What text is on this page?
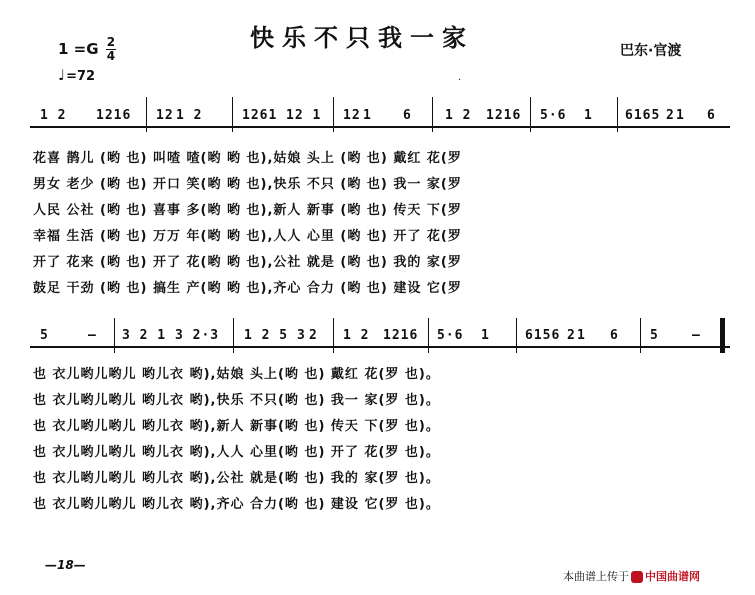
快乐不只我一家
$1 =G \frac{2}{4}$
♩=72
巴东·官渡
·
1 2 1216 12 1 2	1261 12 1 12 1 6	1 2 1216 5·6 1 6165 2 1 6
花喜 鹊儿 (哟 也) 叫喳 喳(哟 哟 也),姑娘 头上 (哟 也) 戴红 花(罗
男女 老少 (哟 也) 开口 笑(哟 哟 也),快乐 不只 (哟 也) 我一 家(罗
人民 公社 (哟 也) 喜事 多(哟 哟 也),新人 新事 (哟 也) 传天 下(罗
幸福 生活 (哟 也) 万万 年(哟 哟 也),人人 心里 (哟 也) 开了 花(罗
开了 花来 (哟 也) 开了 花(哟 哟 也),公社 就是 (哟 也) 我的 家(罗
鼓足 干劲 (哟 也) 搞生 产(哟 哟 也),齐心 合力 (哟 也) 建设 它(罗
5	— 3 2 1 3 2·3 1 2 5 3 2 1 2 1216 5·6 1	6156 2 1 6 5	—
也 衣儿哟儿哟儿 哟儿衣 哟),姑娘 头上(哟 也) 戴红 花(罗 也)。
也 衣儿哟儿哟儿 哟儿衣 哟),快乐 不只(哟 也) 我一 家(罗 也)。
也 衣儿哟儿哟儿 哟儿衣 哟),新人 新事(哟 也) 传天 下(罗 也)。
也 衣儿哟儿哟儿 哟儿衣 哟),人人 心里(哟 也) 开了 花(罗 也)。
也 衣儿哟儿哟儿 哟儿衣 哟),公社 就是(哟 也) 我的 家(罗 也)。
也 衣儿哟儿哟儿 哟儿衣 哟),齐心 合力(哟 也) 建设 它(罗 也)。
—18—
本曲谱上传于 中国曲谱网
